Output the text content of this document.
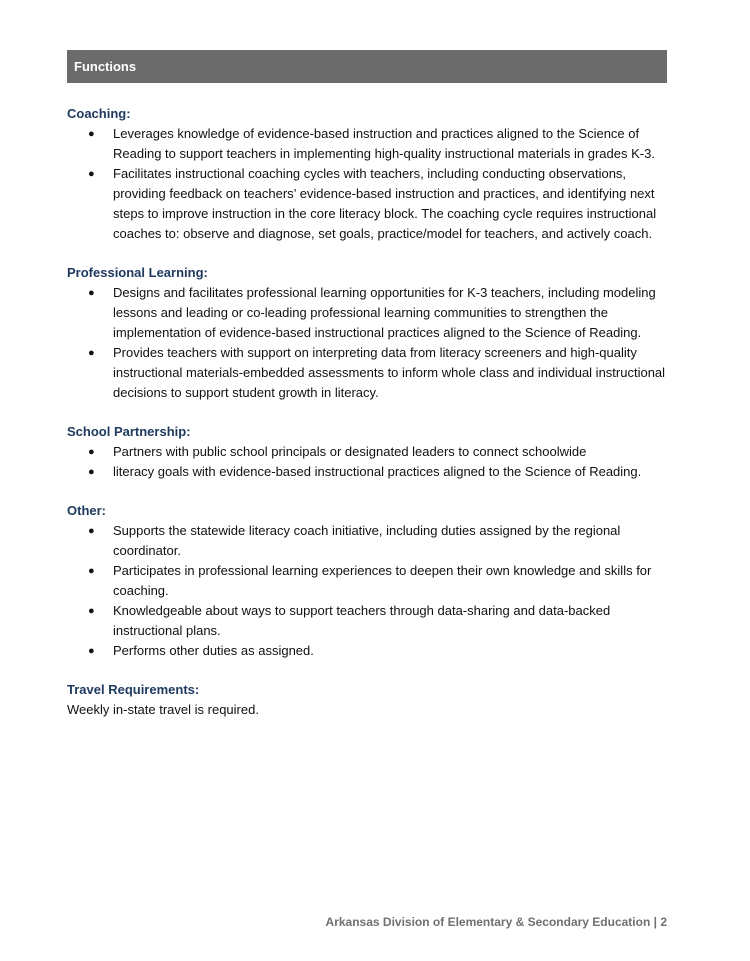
Functions

Coaching:

● Leverages knowledge of evidence-based instruction and practices aligned to the Science of Reading to support teachers in implementing high-quality instructional materials in grades K-3.
● Facilitates instructional coaching cycles with teachers, including conducting observations, providing feedback on teachers’ evidence-based instruction and practices, and identifying next steps to improve instruction in the core literacy block. The coaching cycle requires instructional coaches to: observe and diagnose, set goals, practice/model for teachers, and actively coach.

Professional Learning:

● Designs and facilitates professional learning opportunities for K-3 teachers, including modeling lessons and leading or co-leading professional learning communities to strengthen the implementation of evidence-based instructional practices aligned to the Science of Reading.
● Provides teachers with support on interpreting data from literacy screeners and high-quality instructional materials-embedded assessments to inform whole class and individual instructional decisions to support student growth in literacy.

School Partnership:

● Partners with public school principals or designated leaders to connect schoolwide
● literacy goals with evidence-based instructional practices aligned to the Science of Reading.

Other:

● Supports the statewide literacy coach initiative, including duties assigned by the regional coordinator.
● Participates in professional learning experiences to deepen their own knowledge and skills for coaching.
● Knowledgeable about ways to support teachers through data-sharing and data-backed instructional plans.
● Performs other duties as assigned.

Travel Requirements:

Weekly in-state travel is required.

Arkansas Division of Elementary & Secondary Education | 2
